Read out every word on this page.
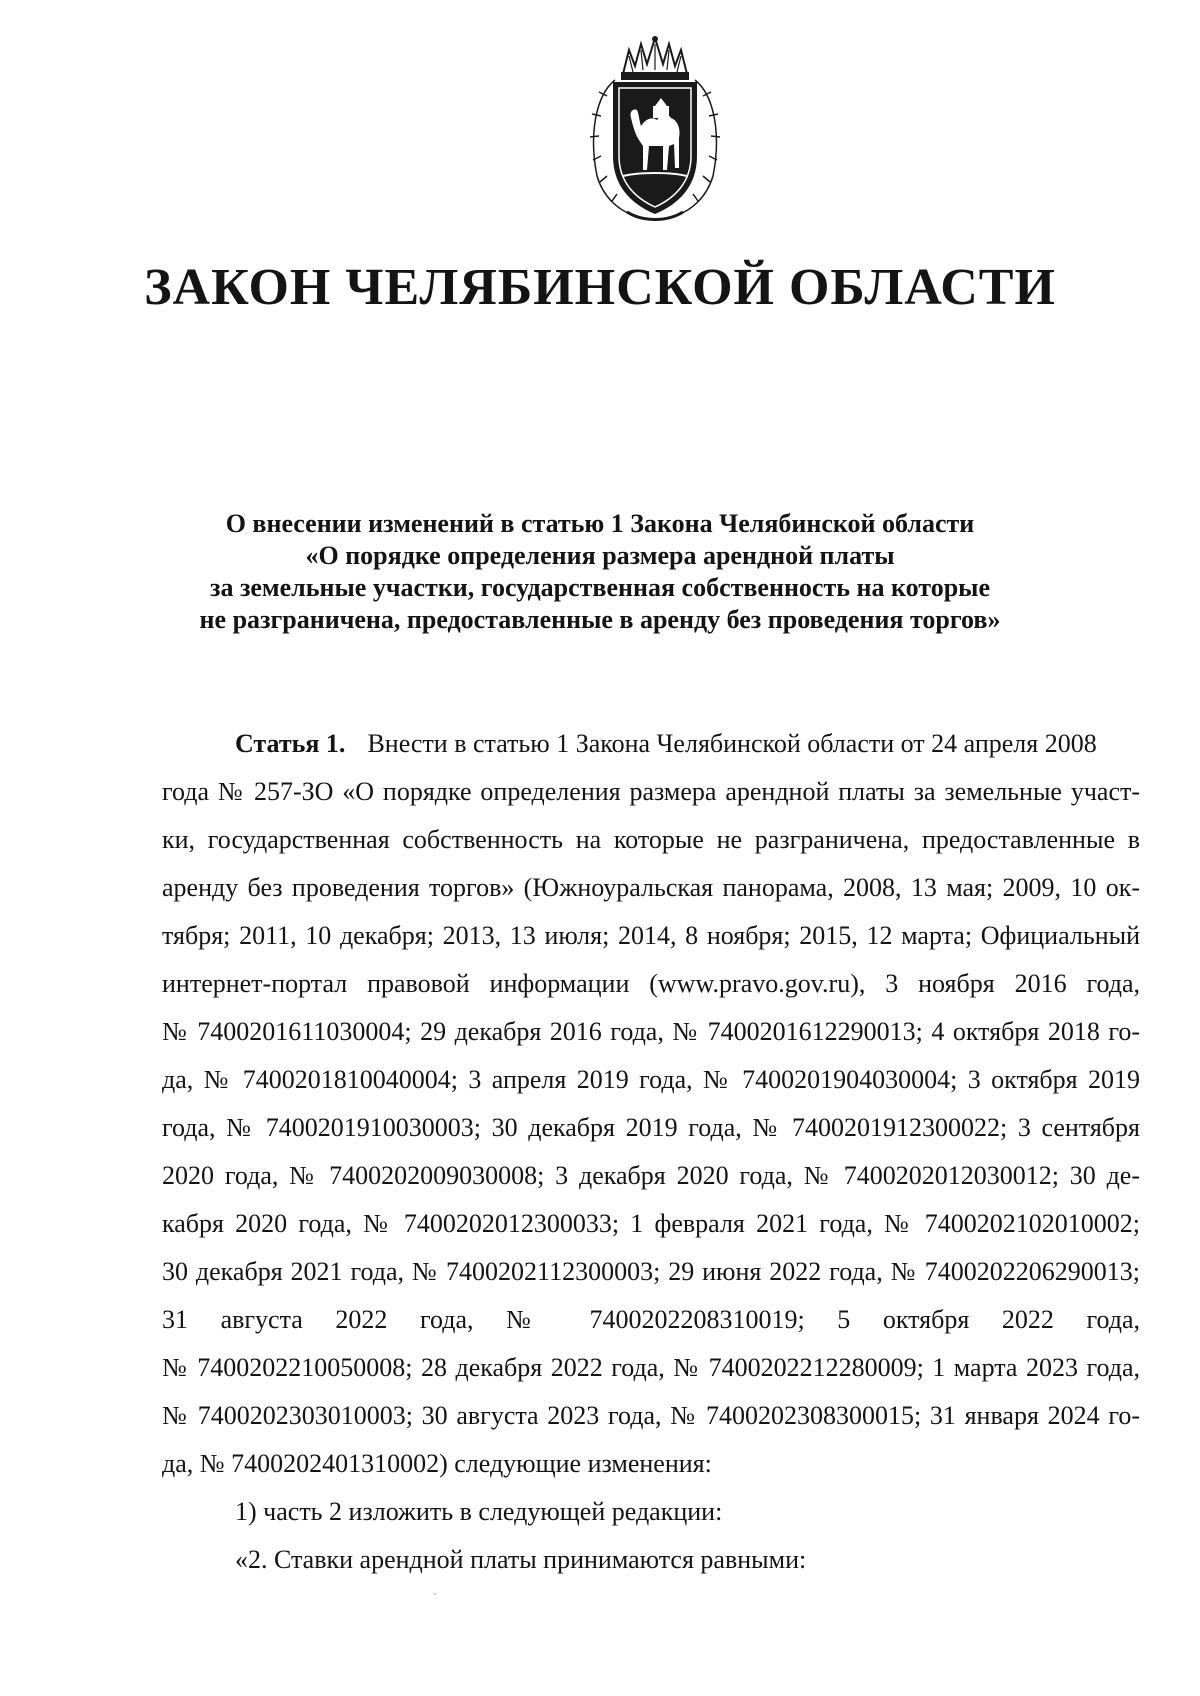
ЗАКОН ЧЕЛЯБИНСКОЙ ОБЛАСТИ
О внесении изменений в статью 1 Закона Челябинской области
«О порядке определения размера арендной платы
за земельные участки, государственная собственность на которые
не разграничена, предоставленные в аренду без проведения торгов»
Статья 1. Внести в статью 1 Закона Челябинской области от 24 апреля 2008
года № 257-ЗО «О порядке определения размера арендной платы за земельные участ-
ки, государственная собственность на которые не разграничена, предоставленные в
аренду без проведения торгов» (Южноуральская панорама, 2008, 13 мая; 2009, 10 ок-
тября; 2011, 10 декабря; 2013, 13 июля; 2014, 8 ноября; 2015, 12 марта; Официальный
интернет-портал правовой информации (www.pravo.gov.ru), 3 ноября 2016 года,
№ 7400201611030004; 29 декабря 2016 года, № 7400201612290013; 4 октября 2018 го-
да, № 7400201810040004; 3 апреля 2019 года, № 7400201904030004; 3 октября 2019
года, № 7400201910030003; 30 декабря 2019 года, № 7400201912300022; 3 сентября
2020 года, № 7400202009030008; 3 декабря 2020 года, № 7400202012030012; 30 де-
кабря 2020 года, № 7400202012300033; 1 февраля 2021 года, № 7400202102010002;
30 декабря 2021 года, № 7400202112300003; 29 июня 2022 года, № 7400202206290013;
31 августа 2022 года, № 7400202208310019; 5 октября 2022 года,
№ 7400202210050008; 28 декабря 2022 года, № 7400202212280009; 1 марта 2023 года,
№ 7400202303010003; 30 августа 2023 года, № 7400202308300015; 31 января 2024 го-
да, № 7400202401310002) следующие изменения:
1) часть 2 изложить в следующей редакции:
«2. Ставки арендной платы принимаются равными:
